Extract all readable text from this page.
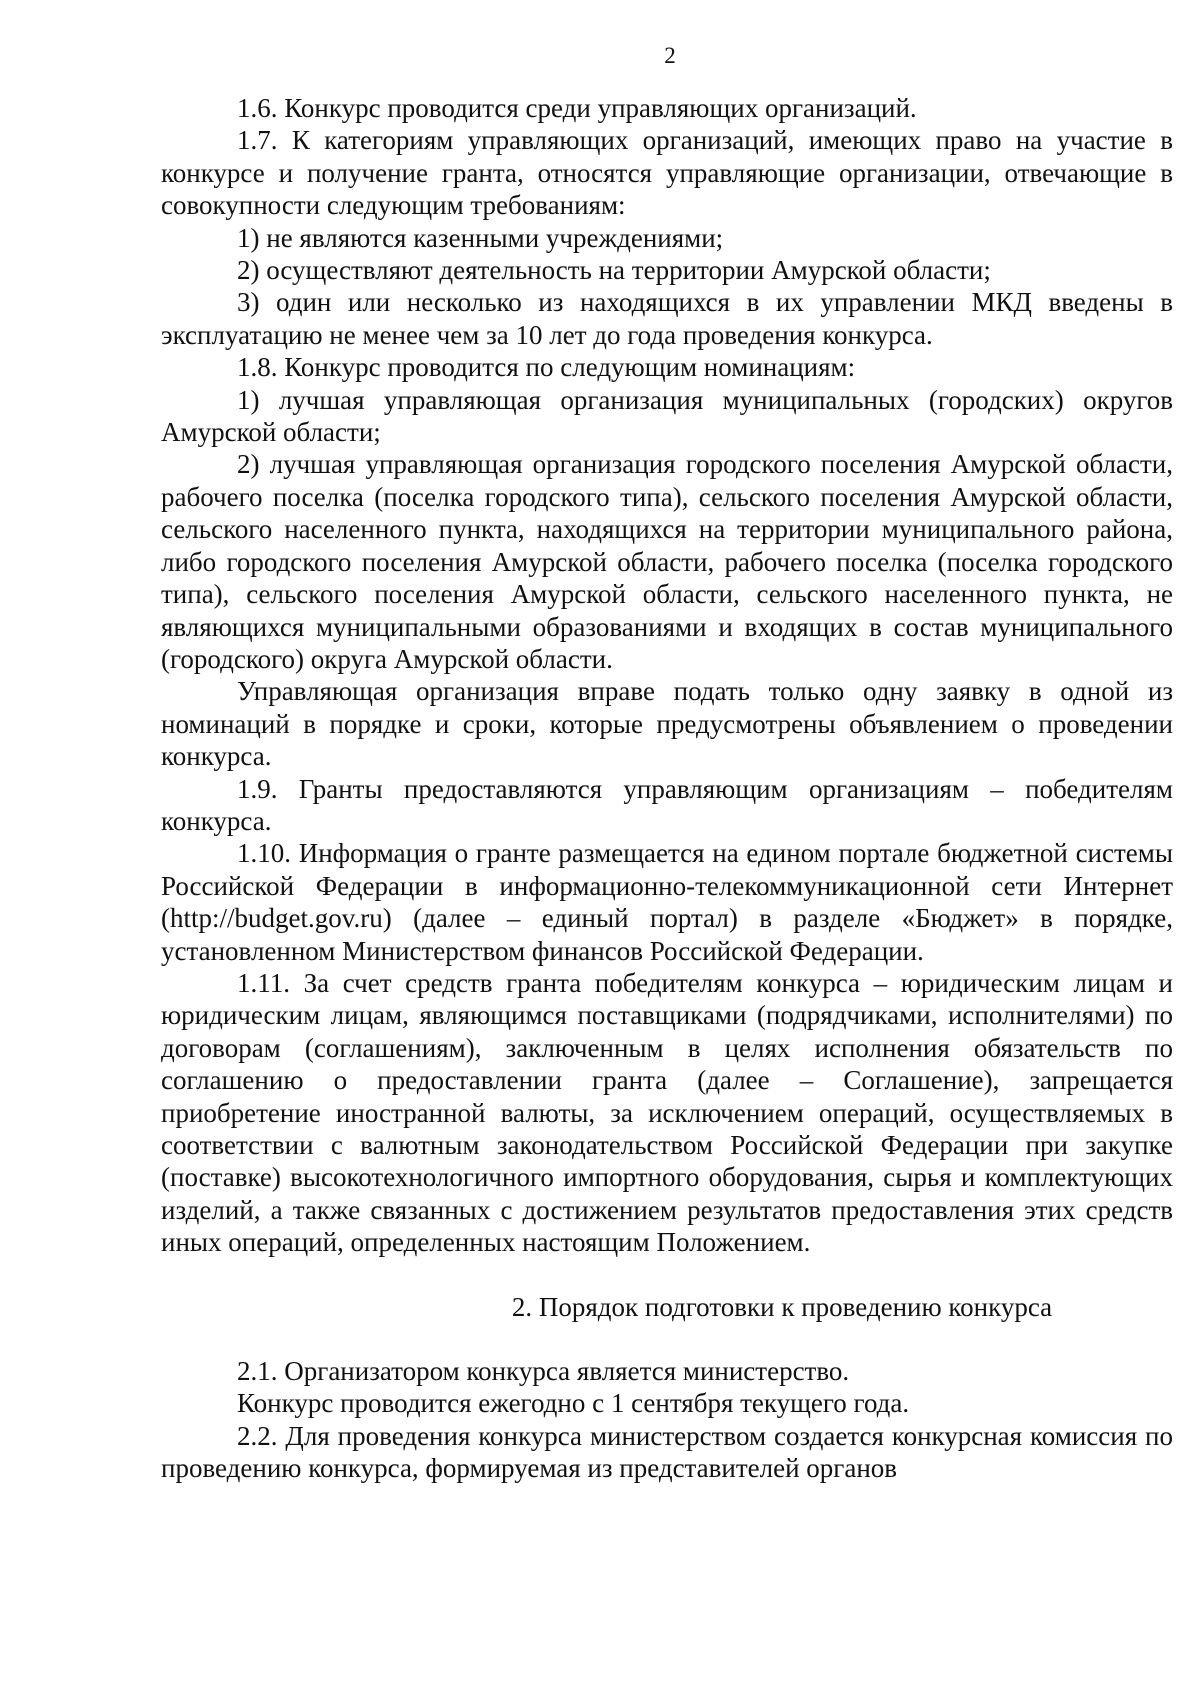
2

1.6. Конкурс проводится среди управляющих организаций.

1.7. К категориям управляющих организаций, имеющих право на участие в конкурсе и получение гранта, относятся управляющие организации, отвечающие в совокупности следующим требованиям:

1) не являются казенными учреждениями;

2) осуществляют деятельность на территории Амурской области;

3) один или несколько из находящихся в их управлении МКД введены в эксплуатацию не менее чем за 10 лет до года проведения конкурса.

1.8. Конкурс проводится по следующим номинациям:

1) лучшая управляющая организация муниципальных (городских) округов Амурской области;

2) лучшая управляющая организация городского поселения Амурской области, рабочего поселка (поселка городского типа), сельского поселения Амурской области, сельского населенного пункта, находящихся на территории муниципального района, либо городского поселения Амурской области, рабочего поселка (поселка городского типа), сельского поселения Амурской области, сельского населенного пункта, не являющихся муниципальными образованиями и входящих в состав муниципального (городского) округа Амурской области.

Управляющая организация вправе подать только одну заявку в одной из номинаций в порядке и сроки, которые предусмотрены объявлением о проведении конкурса.

1.9. Гранты предоставляются управляющим организациям – победителям конкурса.

1.10. Информация о гранте размещается на едином портале бюджетной системы Российской Федерации в информационно-телекоммуникационной сети Интернет (http://budget.gov.ru) (далее – единый портал) в разделе «Бюджет» в порядке, установленном Министерством финансов Российской Федерации.

1.11. За счет средств гранта победителям конкурса – юридическим лицам и юридическим лицам, являющимся поставщиками (подрядчиками, исполнителями) по договорам (соглашениям), заключенным в целях исполнения обязательств по соглашению о предоставлении гранта (далее – Соглашение), запрещается приобретение иностранной валюты, за исключением операций, осуществляемых в соответствии с валютным законодательством Российской Федерации при закупке (поставке) высокотехнологичного импортного оборудования, сырья и комплектующих изделий, а также связанных с достижением результатов предоставления этих средств иных операций, определенных настоящим Положением.

2. Порядок подготовки к проведению конкурса

2.1. Организатором конкурса является министерство.

Конкурс проводится ежегодно с 1 сентября текущего года.

2.2. Для проведения конкурса министерством создается конкурсная комиссия по проведению конкурса, формируемая из представителей органов
